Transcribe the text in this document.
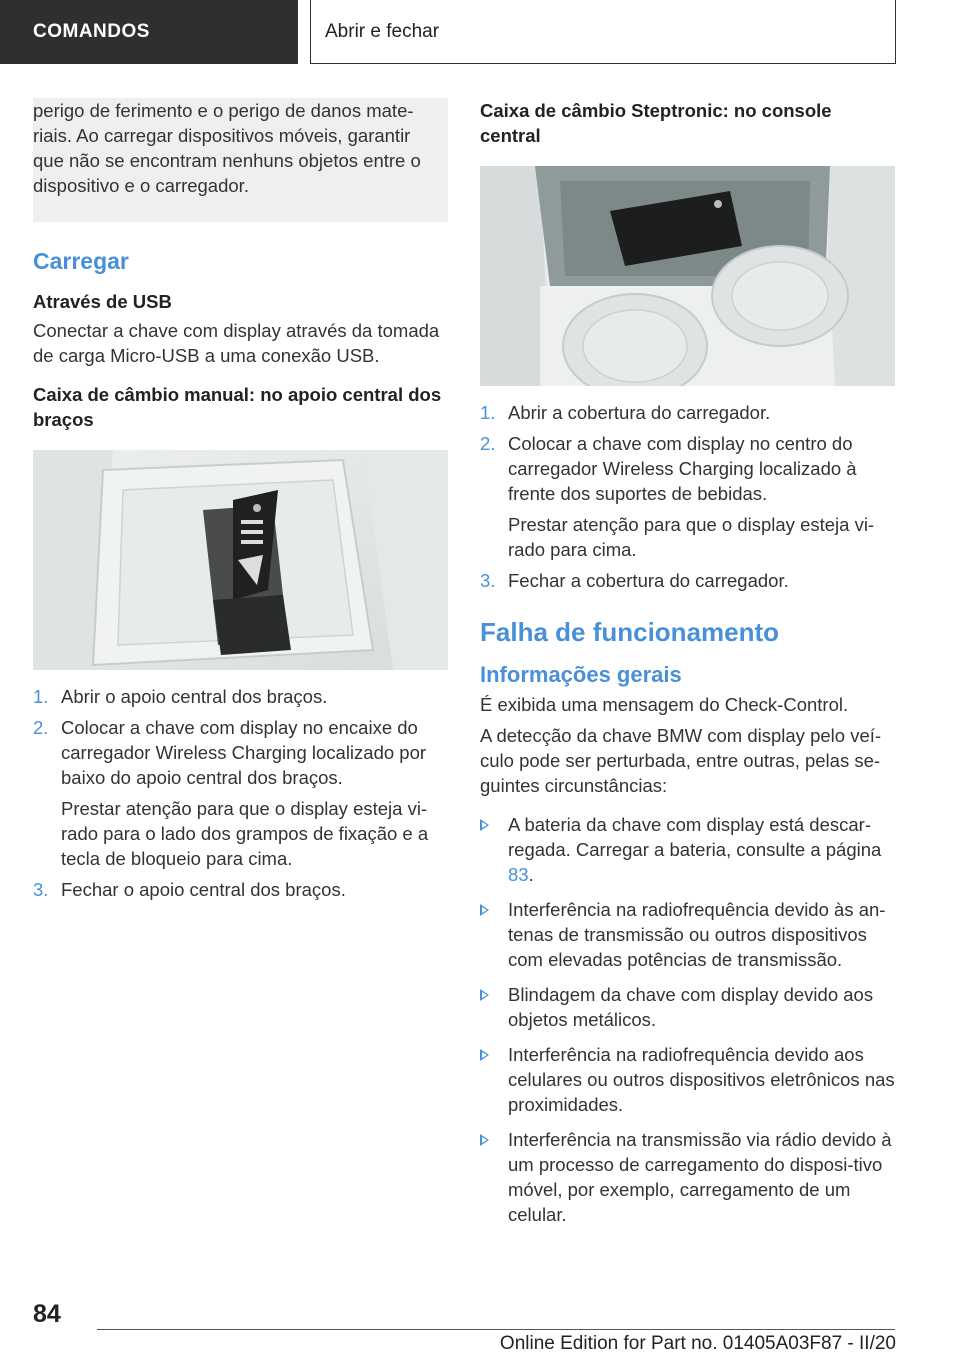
COMANDOS	Abrir e fechar

perigo de ferimento e o perigo de danos mate‐riais. Ao carregar dispositivos móveis, garantir que não se encontram nenhuns objetos entre o dispositivo e o carregador.

Carregar
Através de USB

Conectar a chave com display através da tomada de carga Micro-USB a uma conexão USB.

Caixa de câmbio manual: no apoio central dos braços
1. Abrir o apoio central dos braços.
2. Colocar a chave com display no encaixe do carregador Wireless Charging localizado por baixo do apoio central dos braços.
Prestar atenção para que o display esteja vi‐rado para o lado dos grampos de fixação e a tecla de bloqueio para cima.
3. Fechar o apoio central dos braços.
Caixa de câmbio Steptronic: no console central
1. Abrir a cobertura do carregador.
2. Colocar a chave com display no centro do carregador Wireless Charging localizado à frente dos suportes de bebidas.
Prestar atenção para que o display esteja vi‐rado para cima.
3. Fechar a cobertura do carregador.
Falha de funcionamento
Informações gerais

É exibida uma mensagem do Check-Control.

A detecção da chave BMW com display pelo veí‐culo pode ser perturbada, entre outras, pelas se‐guintes circunstâncias:

A bateria da chave com display está descar‐regada. Carregar a bateria, consulte a página 83.
Interferência na radiofrequência devido às an‐tenas de transmissão ou outros dispositivos com elevadas potências de transmissão.
Blindagem da chave com display devido aos objetos metálicos.
Interferência na radiofrequência devido aos celulares ou outros dispositivos eletrônicos nas proximidades.
Interferência na transmissão via rádio devido à um processo de carregamento do disposi‐tivo móvel, por exemplo, carregamento de um celular.
84
Online Edition for Part no. 01405A03F87 - II/20
